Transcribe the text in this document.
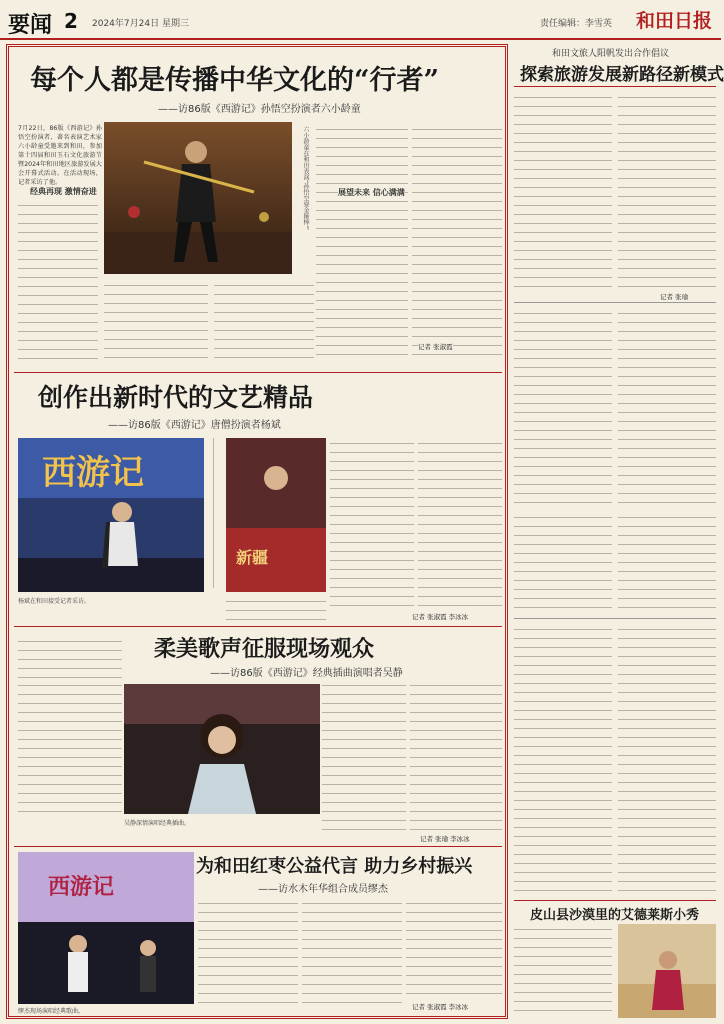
要闻 2 2024年7月24日 星期三	责任编辑：李雪英 和田日报
每个人都是传播中华文化的“行者”
——访86版《西游记》孙悟空扮演者六小龄童
7月22日，86版《西游记》孙悟空扮演者、著名表演艺术家六小龄童受邀来到和田，参加第十四届和田玉石文化旅游节暨2024年和田地区旅游发展大会开幕式活动。在活动现场，记者采访了他。
经典再现 激情奋进	展望未来 信心满满
记者 张淑霞
六小龄童在和田表演“孙悟空耍金箍棒”。
创作出新时代的文艺精品
——访86版《西游记》唐僧扮演者杨斌
西游记
杨斌在和田接受记者采访。
新疆
记者 张淑霞 李冰冰
柔美歌声征服现场观众
——访86版《西游记》经典插曲演唱者吴静
吴静深情演唱经典插曲。
记者 张瑜 李冰冰
为和田红枣公益代言 助力乡村振兴
——访水木年华组合成员缪杰
西游记
缪杰现场演唱经典歌曲。
记者 张淑霞 李冰冰
和田文旅人阳帆发出合作倡议
探索旅游发展新路径新模式
记者 张瑜
皮山县沙漠里的艾德莱斯小秀
